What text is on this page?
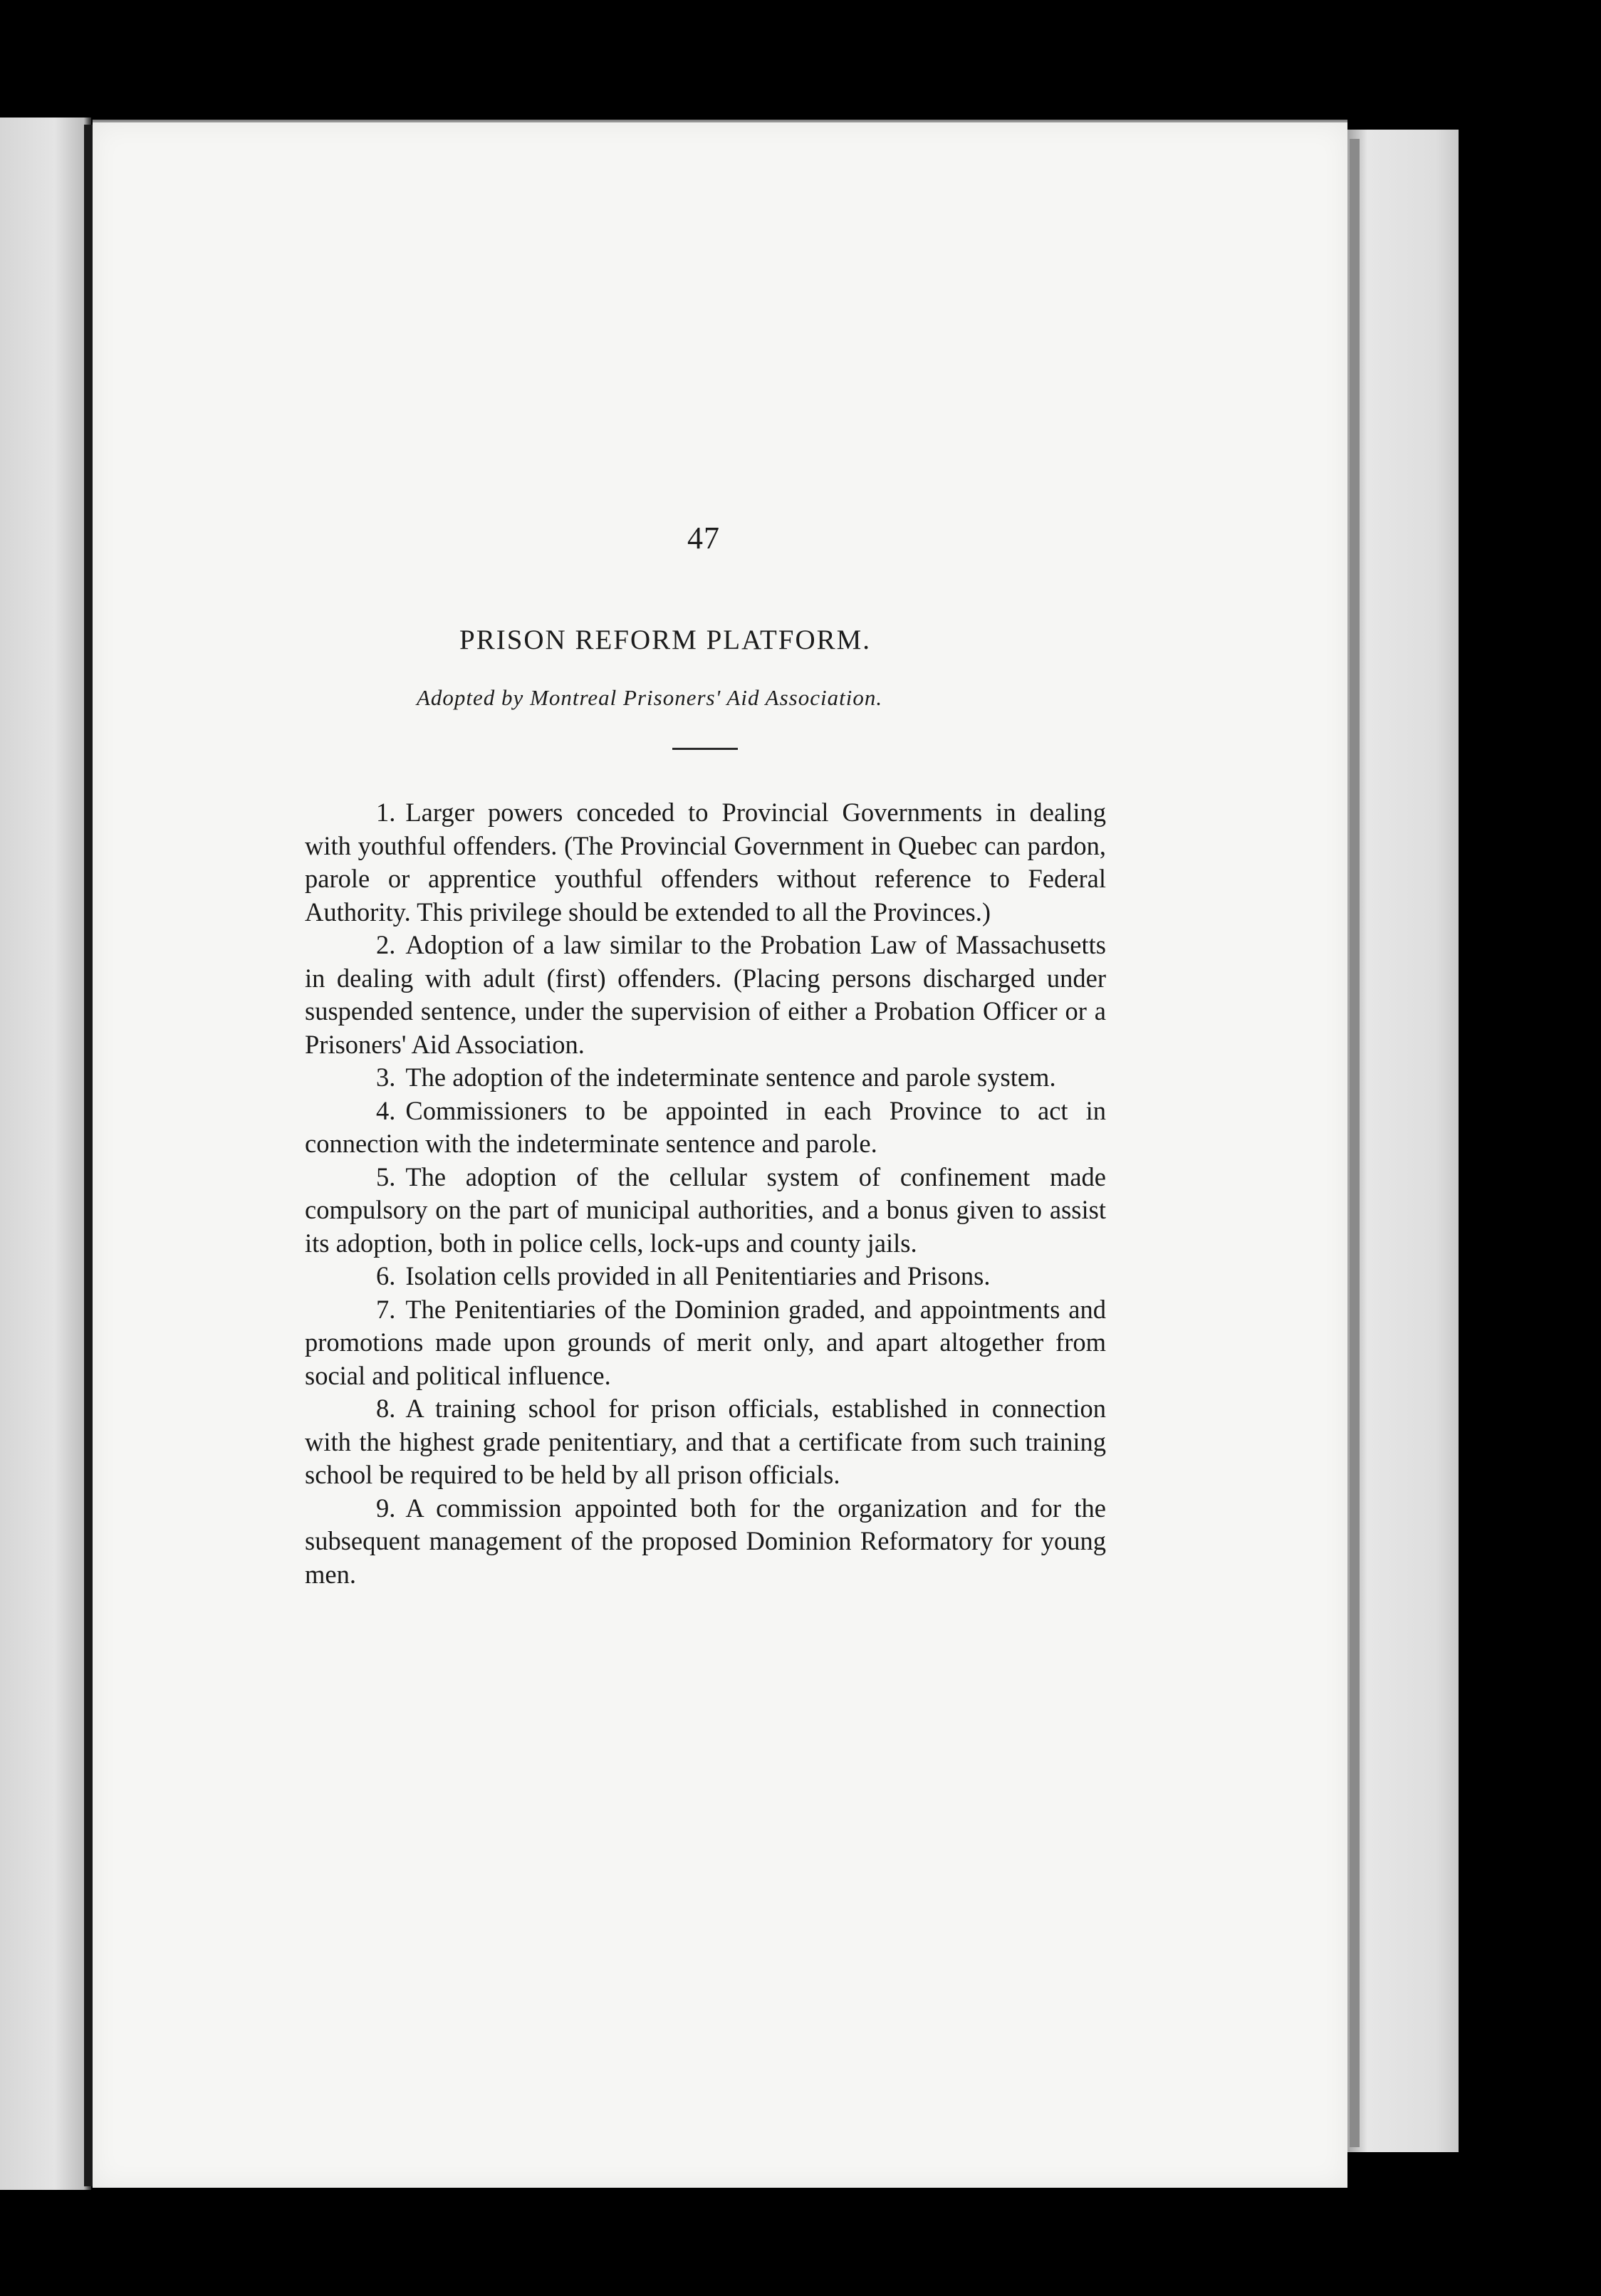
47
PRISON REFORM PLATFORM.
Adopted by Montreal Prisoners' Aid Association.

1. Larger powers conceded to Provincial Governments in dealing with youthful offenders. (The Provincial Government in Quebec can pardon, parole or apprentice youthful offenders without reference to Federal Authority. This privilege should be extended to all the Provinces.)

2. Adoption of a law similar to the Probation Law of Massachusetts in dealing with adult (first) offenders. (Placing persons discharged under suspended sentence, under the supervision of either a Probation Officer or a Prisoners' Aid Association.

3. The adoption of the indeterminate sentence and parole system.

4. Commissioners to be appointed in each Province to act in connection with the indeterminate sentence and parole.

5. The adoption of the cellular system of confinement made compulsory on the part of municipal authorities, and a bonus given to assist its adoption, both in police cells, lock-ups and county jails.

6. Isolation cells provided in all Penitentiaries and Prisons.

7. The Penitentiaries of the Dominion graded, and appointments and promotions made upon grounds of merit only, and apart altogether from social and political influence.

8. A training school for prison officials, established in connection with the highest grade penitentiary, and that a certificate from such training school be required to be held by all prison officials.

9. A commission appointed both for the organization and for the subsequent management of the proposed Dominion Reformatory for young men.
